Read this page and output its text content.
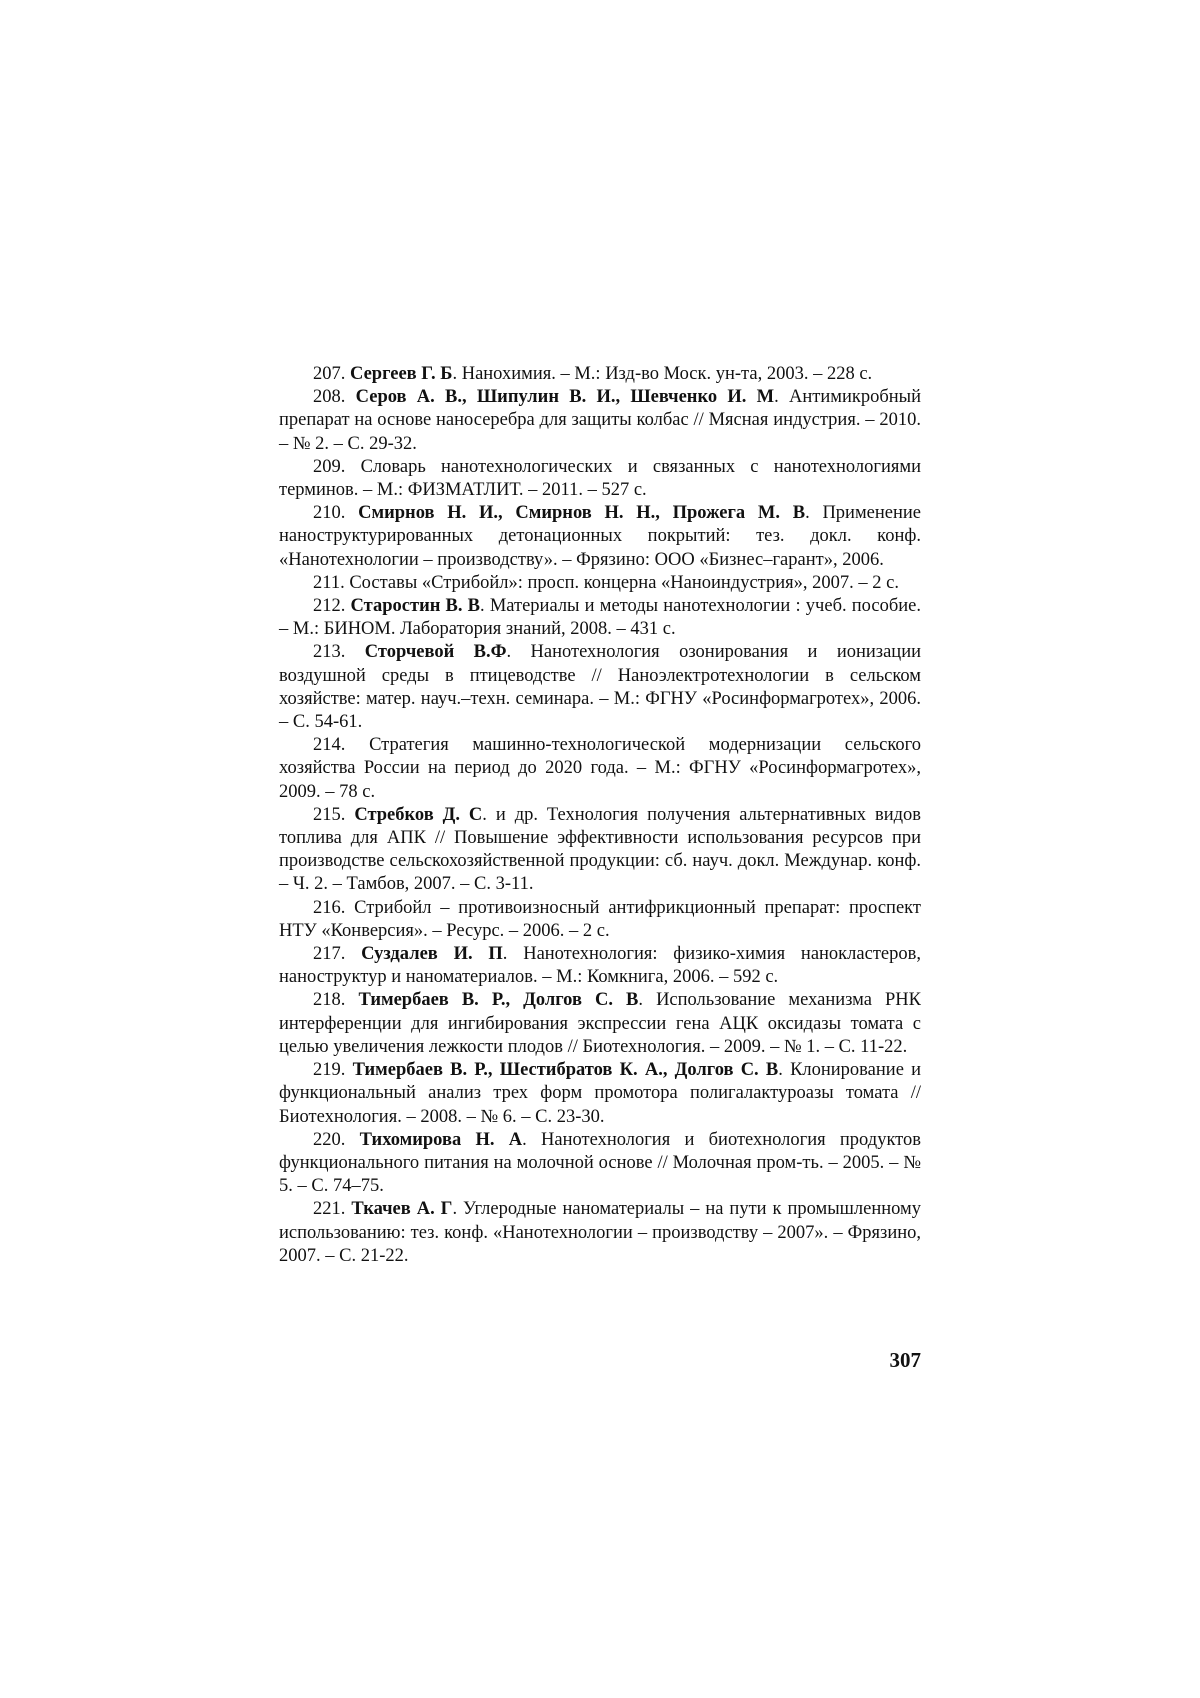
207. Сергеев Г. Б. Нанохимия. – М.: Изд-во Моск. ун-та, 2003. – 228 с.

208. Серов А. В., Шипулин В. И., Шевченко И. М. Антимикробный препарат на основе наносеребра для защиты колбас // Мясная индустрия. – 2010. – № 2. – С. 29-32.

209. Словарь нанотехнологических и связанных с нанотехнологиями терминов. – М.: ФИЗМАТЛИТ. – 2011. – 527 с.

210. Смирнов Н. И., Смирнов Н. Н., Прожега М. В. Применение наноструктурированных детонационных покрытий: тез. докл. конф. «Нанотехнологии – производству». – Фрязино: ООО «Бизнес–гарант», 2006.

211. Составы «Стрибойл»: просп. концерна «Наноиндустрия», 2007. – 2 с.

212. Старостин В. В. Материалы и методы нанотехнологии : учеб. пособие. – М.: БИНОМ. Лаборатория знаний, 2008. – 431 с.

213. Сторчевой В.Ф. Нанотехнология озонирования и ионизации воздушной среды в птицеводстве // Наноэлектротехнологии в сельском хозяйстве: матер. науч.–техн. семинара. – М.: ФГНУ «Росинформагротех», 2006. – С. 54-61.

214. Стратегия машинно-технологической модернизации сельского хозяйства России на период до 2020 года. – М.: ФГНУ «Росинформагротех», 2009. – 78 с.

215. Стребков Д. С. и др. Технология получения альтернативных видов топлива для АПК // Повышение эффективности использования ресурсов при производстве сельскохозяйственной продукции: сб. науч. докл. Междунар. конф. – Ч. 2. – Тамбов, 2007. – С. 3-11.

216. Стрибойл – противоизносный антифрикционный препарат: проспект НТУ «Конверсия». – Ресурс. – 2006. – 2 с.

217. Суздалев И. П. Нанотехнология: физико-химия нанокластеров, наноструктур и наноматериалов. – М.: Комкнига, 2006. – 592 с.

218. Тимербаев В. Р., Долгов С. В. Использование механизма РНК интерференции для ингибирования экспрессии гена АЦК оксидазы томата с целью увеличения лежкости плодов // Биотехнология. – 2009. – № 1. – С. 11-22.

219. Тимербаев В. Р., Шестибратов К. А., Долгов С. В. Клонирование и функциональный анализ трех форм промотора полигалактуроазы томата // Биотехнология. – 2008. – № 6. – С. 23-30.

220. Тихомирова Н. А. Нанотехнология и биотехнология продуктов функционального питания на молочной основе // Молочная пром-ть. – 2005. – № 5. – С. 74–75.

221. Ткачев А. Г. Углеродные наноматериалы – на пути к промышленному использованию: тез. конф. «Нанотехнологии – производству – 2007». – Фрязино, 2007. – С. 21-22.

307
